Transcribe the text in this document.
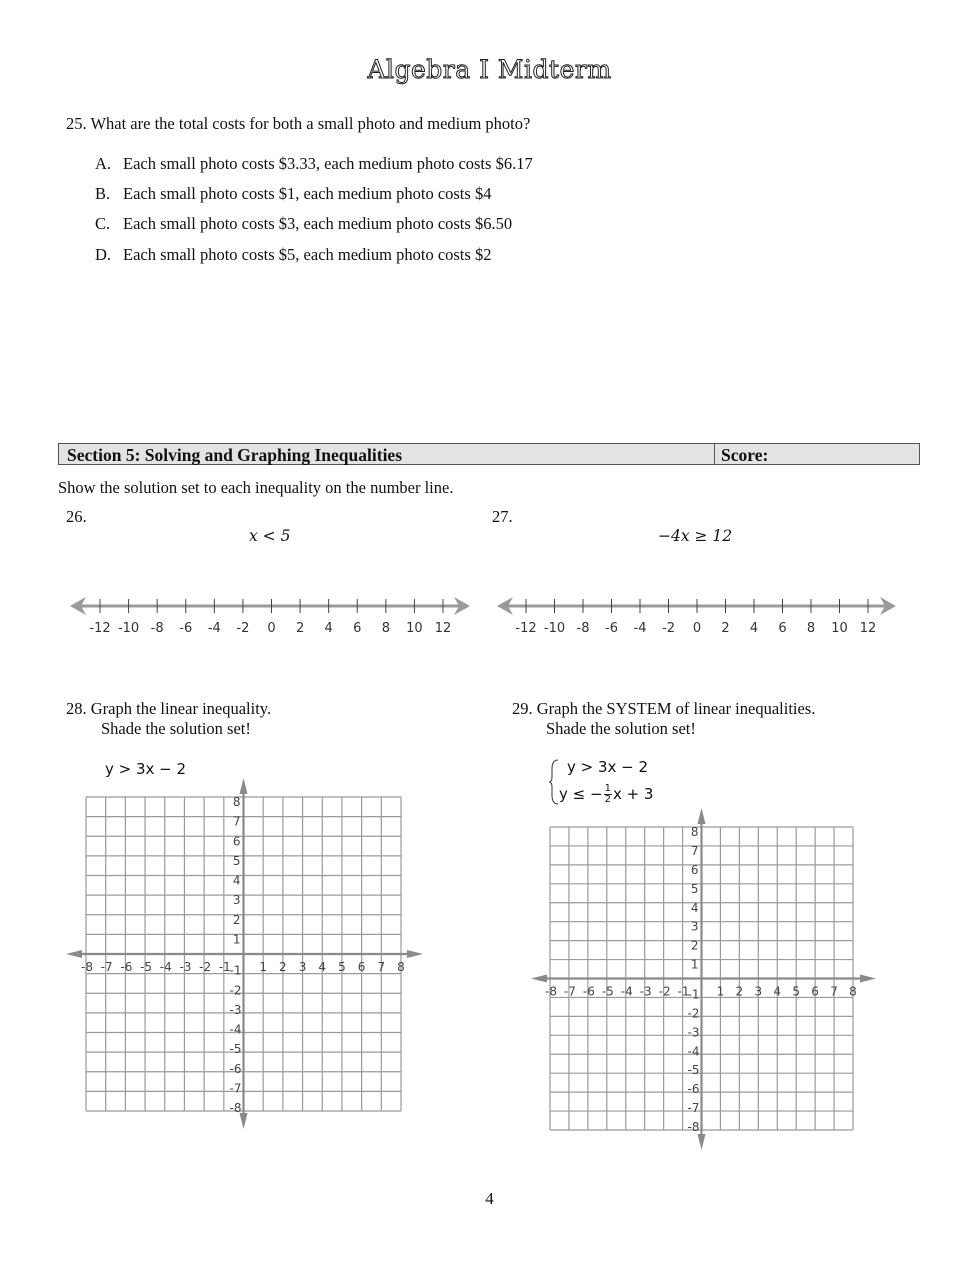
Algebra I Midterm
25. What are the total costs for both a small photo and medium photo?
A. Each small photo costs $3.33, each medium photo costs $6.17
B. Each small photo costs $1, each medium photo costs $4
C. Each small photo costs $3, each medium photo costs $6.50
D. Each small photo costs $5, each medium photo costs $2
Section 5: Solving and Graphing Inequalities	Score:
Show the solution set to each inequality on the number line.
26.
x < 5
27.
−4x ≥ 12
-12 -10 -8 -6 -4 -2 0 2 4 6 8 10 12	-12 -10 -8 -6 -4 -2 0 2 4 6 8 10 12
28. Graph the linear inequality.
Shade the solution set!
y > 3x − 2
29. Graph the SYSTEM of linear inequalities.
Shade the solution set!
y > 3x − 2
y ≤ − $\frac{1}{2}$ x + 3
-8 -7 -6 -5 -4 -3 -2 -1 1 2 3 4 5 6 7 8
1
2
3
4
5
6
7
8
-1
-2
-3
-4
-5
-6
-7
-8
-8 -7 -6 -5 -4 -3 -2 -1 1 2 3 4 5 6 7 8
1
2
3
4
5
6
7
8
-1
-2
-3
-4
-5
-6
-7
-8
4
